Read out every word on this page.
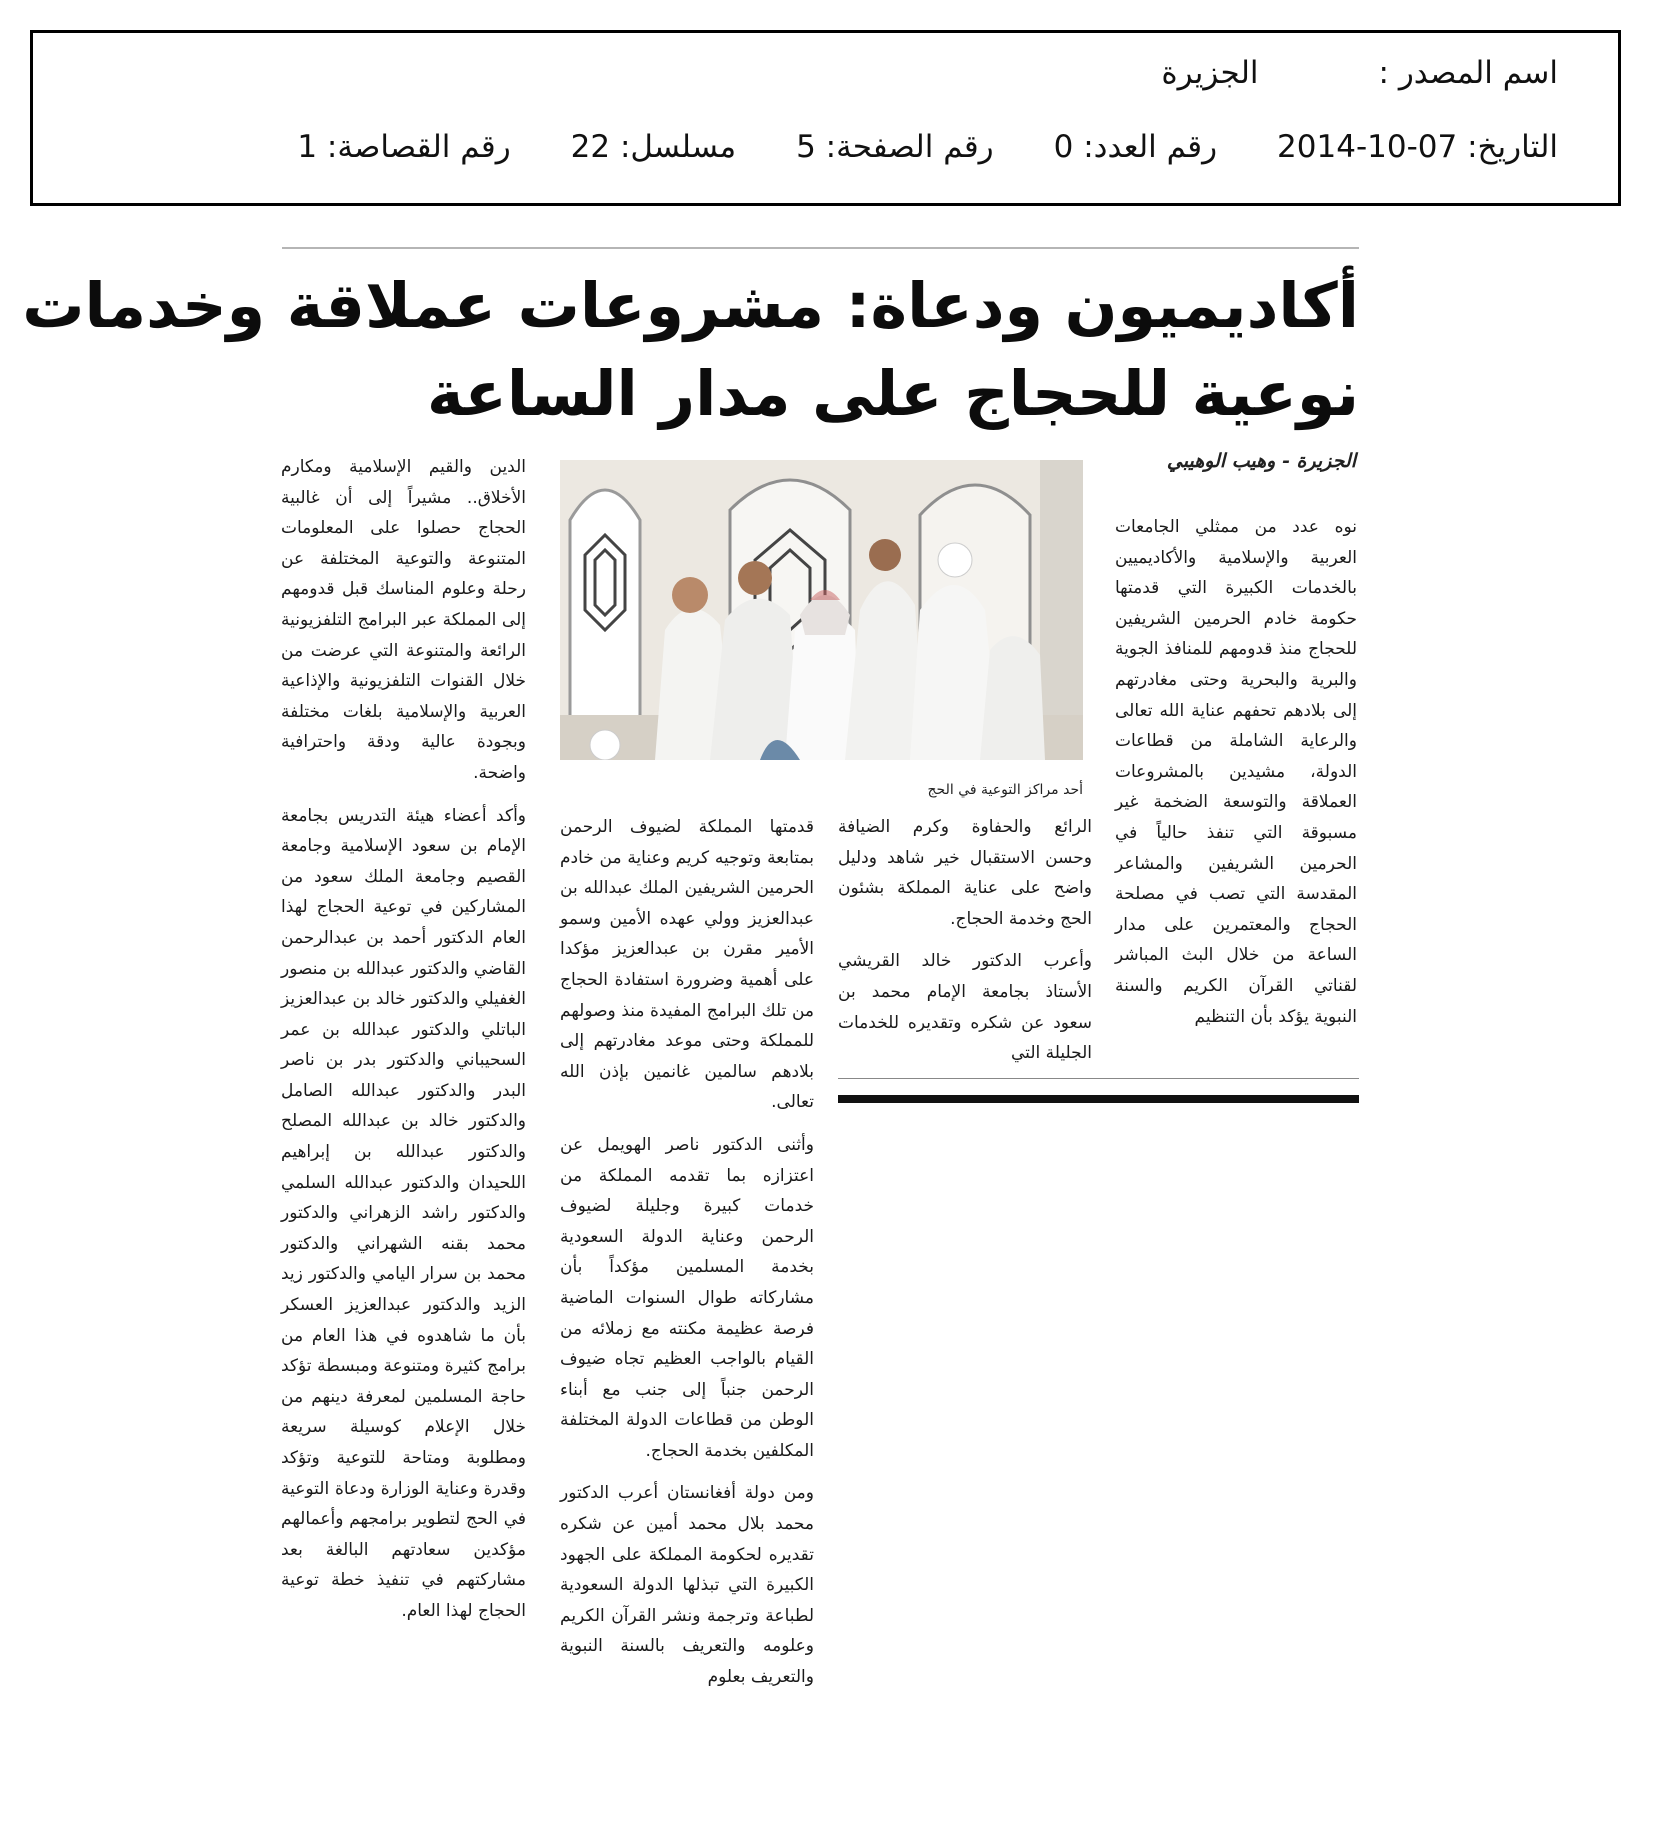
اسم المصدر :الجزيرة
التاريخ: 07-10-2014رقم العدد: 0رقم الصفحة: 5مسلسل: 22رقم القصاصة: 1
أكاديميون ودعاة: مشروعات عملاقة وخدمات
نوعية للحجاج على مدار الساعة
الجزيرة - وهيب الوهيبي
أحد مراكز التوعية في الحج

نوه عدد من ممثلي الجامعات العربية والإسلامية والأكاديميين بالخدمات الكبيرة التي قدمتها حكومة خادم الحرمين الشريفين للحجاج منذ قدومهم للمنافذ الجوية والبرية والبحرية وحتى مغادرتهم إلى بلادهم تحفهم عناية الله تعالى والرعاية الشاملة من قطاعات الدولة، مشيدين بالمشروعات العملاقة والتوسعة الضخمة غير مسبوقة التي تنفذ حالياً في الحرمين الشريفين والمشاعر المقدسة التي تصب في مصلحة الحجاج والمعتمرين على مدار الساعة من خلال البث المباشر لقناتي القرآن الكريم والسنة النبوية يؤكد بأن التنظيم

الرائع والحفاوة وكرم الضيافة وحسن الاستقبال خير شاهد ودليل واضح على عناية المملكة بشئون الحج وخدمة الحجاج.

وأعرب الدكتور خالد القريشي الأستاذ بجامعة الإمام محمد بن سعود عن شكره وتقديره للخدمات الجليلة التي

قدمتها المملكة لضيوف الرحمن بمتابعة وتوجيه كريم وعناية من خادم الحرمين الشريفين الملك عبدالله بن عبدالعزيز وولي عهده الأمين وسمو الأمير مقرن بن عبدالعزيز مؤكدا على أهمية وضرورة استفادة الحجاج من تلك البرامج المفيدة منذ وصولهم للمملكة وحتى موعد مغادرتهم إلى بلادهم سالمين غانمين بإذن الله تعالى.

وأثنى الدكتور ناصر الهويمل عن اعتزازه بما تقدمه المملكة من خدمات كبيرة وجليلة لضيوف الرحمن وعناية الدولة السعودية بخدمة المسلمين مؤكداً بأن مشاركاته طوال السنوات الماضية فرصة عظيمة مكنته مع زملائه من القيام بالواجب العظيم تجاه ضيوف الرحمن جنباً إلى جنب مع أبناء الوطن من قطاعات الدولة المختلفة المكلفين بخدمة الحجاج.

ومن دولة أفغانستان أعرب الدكتور محمد بلال محمد أمين عن شكره تقديره لحكومة المملكة على الجهود الكبيرة التي تبذلها الدولة السعودية لطباعة وترجمة ونشر القرآن الكريم وعلومه والتعريف بالسنة النبوية والتعريف بعلوم

الدين والقيم الإسلامية ومكارم الأخلاق.. مشيراً إلى أن غالبية الحجاج حصلوا على المعلومات المتنوعة والتوعية المختلفة عن رحلة وعلوم المناسك قبل قدومهم إلى المملكة عبر البرامج التلفزيونية الرائعة والمتنوعة التي عرضت من خلال القنوات التلفزيونية والإذاعية العربية والإسلامية بلغات مختلفة وبجودة عالية ودقة واحترافية واضحة.

وأكد أعضاء هيئة التدريس بجامعة الإمام بن سعود الإسلامية وجامعة القصيم وجامعة الملك سعود من المشاركين في توعية الحجاج لهذا العام الدكتور أحمد بن عبدالرحمن القاضي والدكتور عبدالله بن منصور الغفيلي والدكتور خالد بن عبدالعزيز الباتلي والدكتور عبدالله بن عمر السحيباني والدكتور بدر بن ناصر البدر والدكتور عبدالله الصامل والدكتور خالد بن عبدالله المصلح والدكتور عبدالله بن إبراهيم اللحيدان والدكتور عبدالله السلمي والدكتور راشد الزهراني والدكتور محمد بقنه الشهراني والدكتور محمد بن سرار اليامي والدكتور زيد الزيد والدكتور عبدالعزيز العسكر بأن ما شاهدوه في هذا العام من برامج كثيرة ومتنوعة ومبسطة تؤكد حاجة المسلمين لمعرفة دينهم من خلال الإعلام كوسيلة سريعة ومطلوبة ومتاحة للتوعية وتؤكد وقدرة وعناية الوزارة ودعاة التوعية في الحج لتطوير برامجهم وأعمالهم مؤكدين سعادتهم البالغة بعد مشاركتهم في تنفيذ خطة توعية الحجاج لهذا العام.
